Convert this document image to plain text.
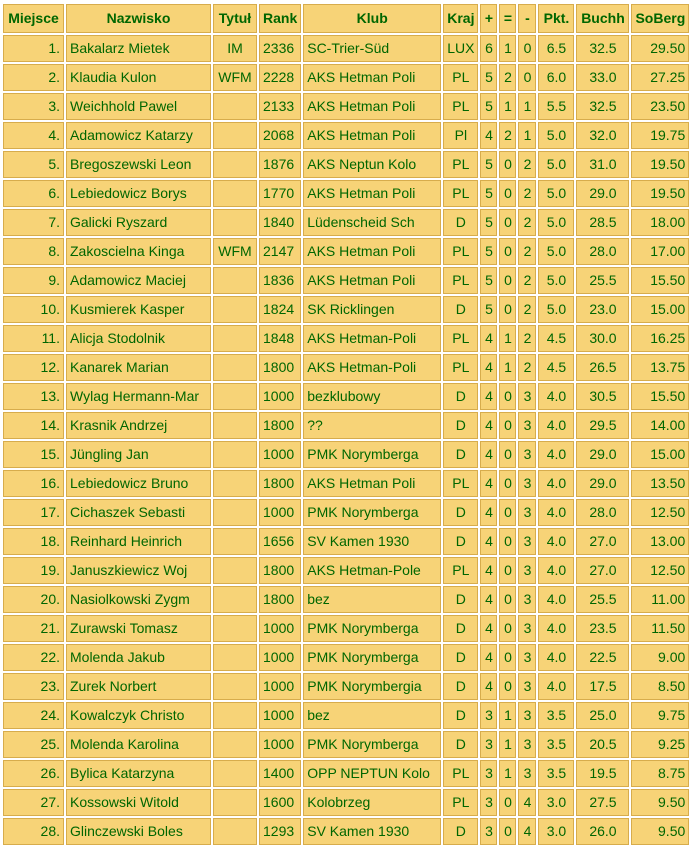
Miejsce	Nazwisko	Tytuł	Rank	Klub	Kraj	+	=	-	Pkt.	Buchh	SoBerg
1.	Bakalarz Mietek	IM	2336	SC-Trier-Süd	LUX	6	1	0	6.5	32.5	29.50
2.	Klaudia Kulon	WFM	2228	AKS Hetman Poli	PL	5	2	0	6.0	33.0	27.25
3.	Weichhold Pawel		2133	AKS Hetman Poli	PL	5	1	1	5.5	32.5	23.50
4.	Adamowicz Katarzy		2068	AKS Hetman Poli	Pl	4	2	1	5.0	32.0	19.75
5.	Bregoszewski Leon		1876	AKS Neptun Kolo	PL	5	0	2	5.0	31.0	19.50
6.	Lebiedowicz Borys		1770	AKS Hetman Poli	PL	5	0	2	5.0	29.0	19.50
7.	Galicki Ryszard		1840	Lüdenscheid Sch	D	5	0	2	5.0	28.5	18.00
8.	Zakoscielna Kinga	WFM	2147	AKS Hetman Poli	PL	5	0	2	5.0	28.0	17.00
9.	Adamowicz Maciej		1836	AKS Hetman Poli	PL	5	0	2	5.0	25.5	15.50
10.	Kusmierek Kasper		1824	SK Ricklingen	D	5	0	2	5.0	23.0	15.00
11.	Alicja Stodolnik		1848	AKS Hetman-Poli	PL	4	1	2	4.5	30.0	16.25
12.	Kanarek Marian		1800	AKS Hetman-Poli	PL	4	1	2	4.5	26.5	13.75
13.	Wylag Hermann-Mar		1000	bezklubowy	D	4	0	3	4.0	30.5	15.50
14.	Krasnik Andrzej		1800	??	D	4	0	3	4.0	29.5	14.00
15.	Jüngling Jan		1000	PMK Norymberga	D	4	0	3	4.0	29.0	15.00
16.	Lebiedowicz Bruno		1800	AKS Hetman Poli	PL	4	0	3	4.0	29.0	13.50
17.	Cichaszek Sebasti		1000	PMK Norymberga	D	4	0	3	4.0	28.0	12.50
18.	Reinhard Heinrich		1656	SV Kamen 1930	D	4	0	3	4.0	27.0	13.00
19.	Januszkiewicz Woj		1800	AKS Hetman-Pole	PL	4	0	3	4.0	27.0	12.50
20.	Nasiolkowski Zygm		1800	bez	D	4	0	3	4.0	25.5	11.00
21.	Zurawski Tomasz		1000	PMK Norymberga	D	4	0	3	4.0	23.5	11.50
22.	Molenda Jakub		1000	PMK Norymberga	D	4	0	3	4.0	22.5	9.00
23.	Zurek Norbert		1000	PMK Norymbergia	D	4	0	3	4.0	17.5	8.50
24.	Kowalczyk Christo		1000	bez	D	3	1	3	3.5	25.0	9.75
25.	Molenda Karolina		1000	PMK Norymberga	D	3	1	3	3.5	20.5	9.25
26.	Bylica Katarzyna		1400	OPP NEPTUN Kolo	PL	3	1	3	3.5	19.5	8.75
27.	Kossowski Witold		1600	Kolobrzeg	PL	3	0	4	3.0	27.5	9.50
28.	Glinczewski Boles		1293	SV Kamen 1930	D	3	0	4	3.0	26.0	9.50
